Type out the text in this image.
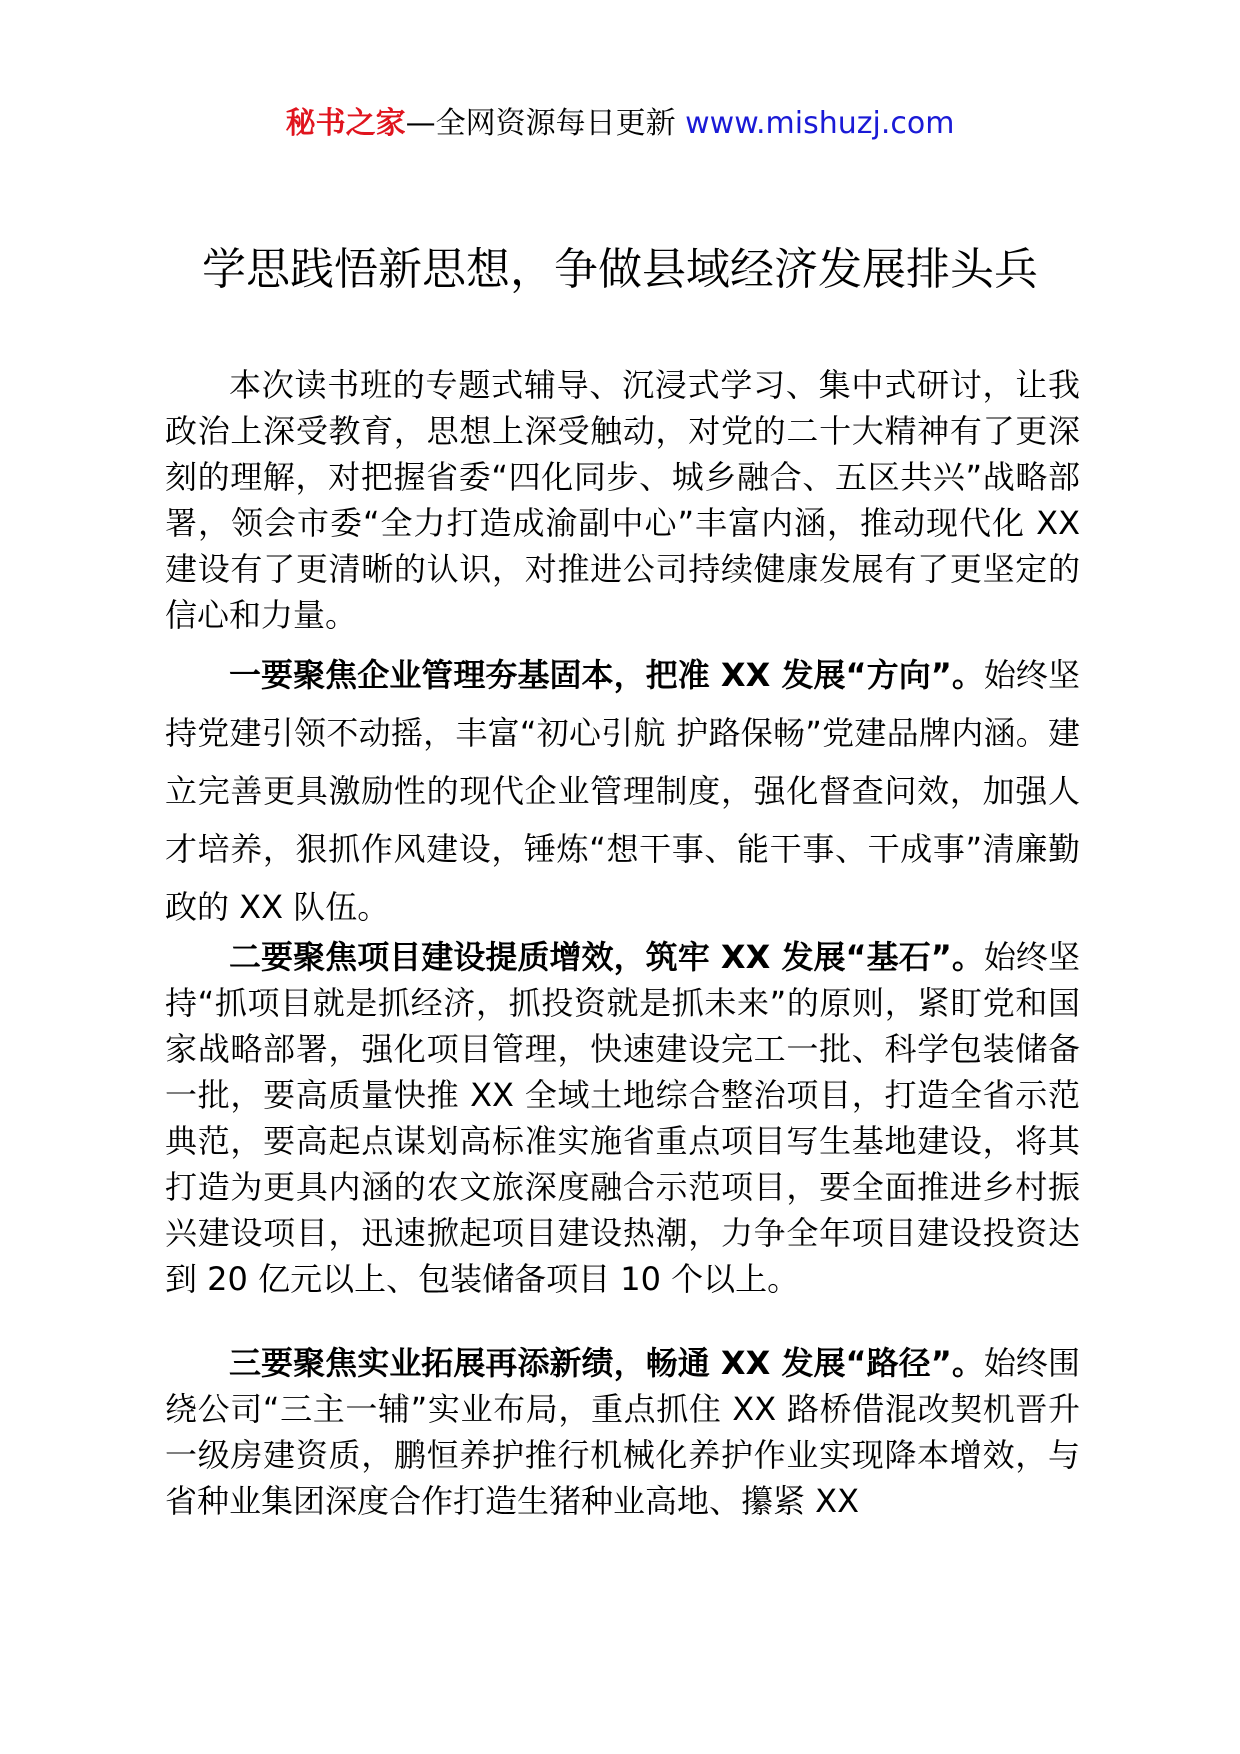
秘书之家—全网资源每日更新 www.mishuzj.com
学思践悟新思想，争做县域经济发展排头兵

本次读书班的专题式辅导、沉浸式学习、集中式研讨，让我政治上深受教育，思想上深受触动，对党的二十大精神有了更深刻的理解，对把握省委“四化同步、城乡融合、五区共兴”战略部署，领会市委“全力打造成渝副中心”丰富内涵，推动现代化 XX 建设有了更清晰的认识，对推进公司持续健康发展有了更坚定的信心和力量。

一要聚焦企业管理夯基固本，把准 XX 发展“方向”。始终坚持党建引领不动摇，丰富“初心引航 护路保畅”党建品牌内涵。建立完善更具激励性的现代企业管理制度，强化督查问效，加强人才培养，狠抓作风建设，锤炼“想干事、能干事、干成事”清廉勤政的 XX 队伍。

二要聚焦项目建设提质增效，筑牢 XX 发展“基石”。始终坚持“抓项目就是抓经济，抓投资就是抓未来”的原则，紧盯党和国家战略部署，强化项目管理，快速建设完工一批、科学包装储备一批，要高质量快推 XX 全域土地综合整治项目，打造全省示范典范，要高起点谋划高标准实施省重点项目写生基地建设，将其打造为更具内涵的农文旅深度融合示范项目，要全面推进乡村振兴建设项目，迅速掀起项目建设热潮，力争全年项目建设投资达到 20 亿元以上、包装储备项目 10 个以上。

三要聚焦实业拓展再添新绩，畅通 XX 发展“路径”。始终围绕公司“三主一辅”实业布局，重点抓住 XX 路桥借混改契机晋升一级房建资质，鹏恒养护推行机械化养护作业实现降本增效，与省种业集团深度合作打造生猪种业高地、攥紧 XX
